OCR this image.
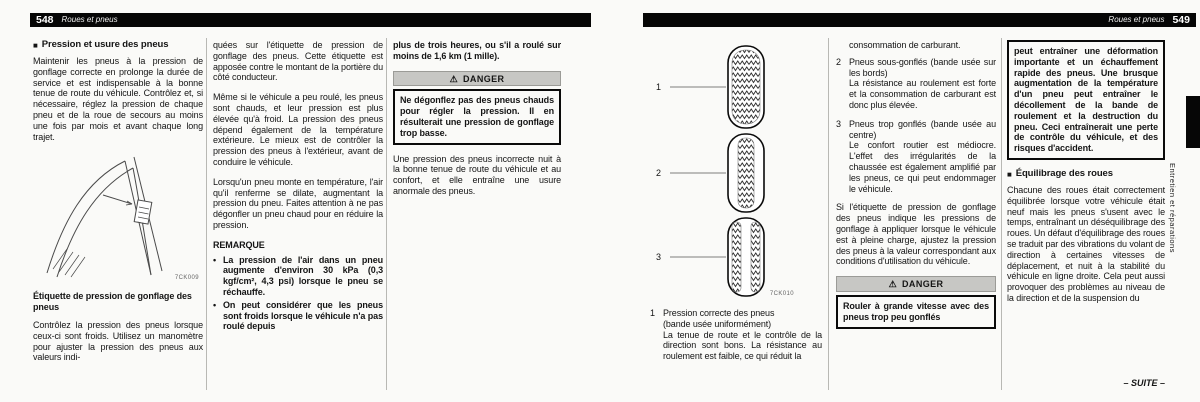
548 Roues et pneus	Roues et pneus 549
■ Pression et usure des pneus

Maintenir les pneus à la pression de gonflage correcte en prolonge la durée de service et est indispensable à la bonne tenue de route du véhicule. Contrôlez et, si nécessaire, réglez la pression de chaque pneu et de la roue de secours au moins une fois par mois et avant chaque long trajet.

7CK009
Étiquette de pression de gonflage des pneus

Contrôlez la pression des pneus lorsque ceux-ci sont froids. Utilisez un manomètre pour ajuster la pression des pneus aux valeurs indi-

quées sur l'étiquette de pression de gonflage des pneus. Cette étiquette est apposée contre le montant de la portière du côté conducteur.

Même si le véhicule a peu roulé, les pneus sont chauds, et leur pression est plus élevée qu'à froid. La pression des pneus dépend également de la température extérieure. Le mieux est de contrôler la pression des pneus à l'extérieur, avant de conduire le véhicule.

Lorsqu'un pneu monte en température, l'air qu'il renferme se dilate, augmentant la pression du pneu. Faites attention à ne pas dégonfler un pneu chaud pour en réduire la pression.

REMARQUE
• La pression de l'air dans un pneu augmente d'environ 30 kPa (0,3 kgf/cm², 4,3 psi) lorsque le pneu se réchauffe.
• On peut considérer que les pneus sont froids lorsque le véhicule n'a pas roulé depuis

plus de trois heures, ou s'il a roulé sur moins de 1,6 km (1 mille).

⚠ DANGER
Ne dégonflez pas des pneus chauds pour régler la pression. Il en résulterait une pression de gonflage trop basse.

Une pression des pneus incorrecte nuit à la bonne tenue de route du véhicule et au confort, et elle entraîne une usure anormale des pneus.

1
2
3
7CK010
1 Pression correcte des pneus
(bande usée uniformément)
La tenue de route et le contrôle de la direction sont bons. La résistance au roulement est faible, ce qui réduit la

consommation de carburant.

2 Pneus sous-gonflés (bande usée sur les bords)
La résistance au roulement est forte et la consommation de carburant est donc plus élevée.
3 Pneus trop gonflés (bande usée au centre)
Le confort routier est médiocre. L'effet des irrégularités de la chaussée est également amplifié par les pneus, ce qui peut endommager le véhicule.

Si l'étiquette de pression de gonflage des pneus indique les pressions de gonflage à appliquer lorsque le véhicule est à pleine charge, ajustez la pression des pneus à la valeur correspondant aux conditions d'utilisation du véhicule.

⚠ DANGER
Rouler à grande vitesse avec des pneus trop peu gonflés
peut entraîner une déformation importante et un échauffement rapide des pneus. Une brusque augmentation de la température d'un pneu peut entraîner le décollement de la bande de roulement et la destruction du pneu. Ceci entraînerait une perte de contrôle du véhicule, et des risques d'accident.
■ Équilibrage des roues

Chacune des roues était correctement équilibrée lorsque votre véhicule était neuf mais les pneus s'usent avec le temps, entraînant un déséquilibrage des roues. Un défaut d'équilibrage des roues se traduit par des vibrations du volant de direction à certaines vitesses de déplacement, et nuit à la stabilité du véhicule en ligne droite. Cela peut aussi provoquer des problèmes au niveau de la direction et de la suspension du

– SUITE –
Entretien et réparations
